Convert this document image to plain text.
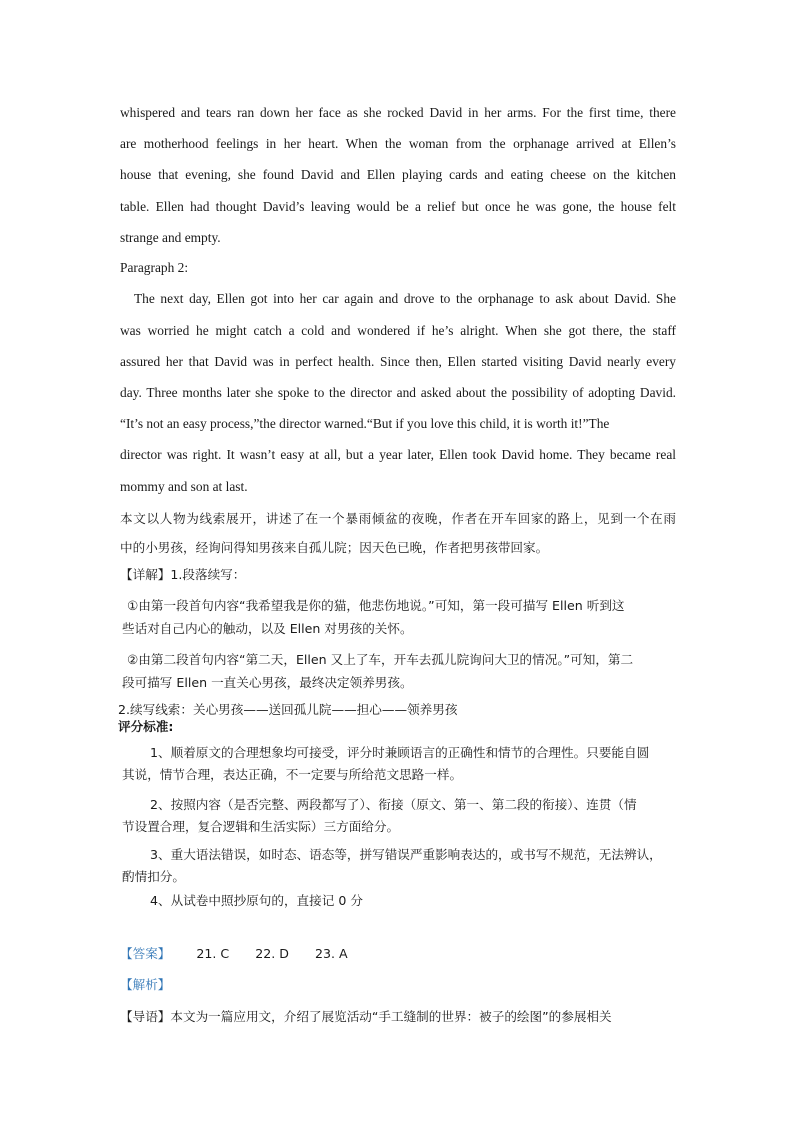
whispered and tears ran down her face as she rocked David in her arms. For the first time, there
are motherhood feelings in her heart. When the woman from the orphanage arrived at Ellen’s
house that evening, she found David and Ellen playing cards and eating cheese on the kitchen
table. Ellen had thought David’s leaving would be a relief but once he was gone, the house felt
strange and empty.
Paragraph 2:
The next day, Ellen got into her car again and drove to the orphanage to ask about David. She
was worried he might catch a cold and wondered if he’s alright. When she got there, the staff
assured her that David was in perfect health. Since then, Ellen started visiting David nearly every
day. Three months later she spoke to the director and asked about the possibility of adopting David.
“It’s not an easy process,”the director warned.“But if you love this child, it is worth it!”The
director was right. It wasn’t easy at all, but a year later, Ellen took David home. They became real
mommy and son at last.
本文以人物为线索展开，讲述了在一个暴雨倾盆的夜晚，作者在开车回家的路上，见到一个在雨
中的小男孩，经询问得知男孩来自孤儿院；因天色已晚，作者把男孩带回家。
【详解】1.段落续写：
①由第一段首句内容“我希望我是你的猫，他悲伤地说。”可知，第一段可描写 Ellen 听到这
些话对自己内心的触动，以及 Ellen 对男孩的关怀。
②由第二段首句内容“第二天，Ellen 又上了车，开车去孤儿院询问大卫的情况。”可知，第二
段可描写 Ellen 一直关心男孩，最终决定领养男孩。
2.续写线索：关心男孩——送回孤儿院——担心——领养男孩
评分标准:
1、顺着原文的合理想象均可接受，评分时兼顾语言的正确性和情节的合理性。只要能自圆
其说，情节合理，表达正确，不一定要与所给范文思路一样。
2、按照内容（是否完整、两段都写了）、衔接（原文、第一、第二段的衔接）、连贯（情
节设置合理，复合逻辑和生活实际）三方面给分。
3、重大语法错误，如时态、语态等，拼写错误严重影响表达的，或书写不规范，无法辨认，
酌情扣分。
4、从试卷中照抄原句的，直接记 0 分
【答案】 21. C 22. D 23. A
【解析】
【导语】本文为一篇应用文，介绍了展览活动“手工缝制的世界：被子的绘图”的参展相关
